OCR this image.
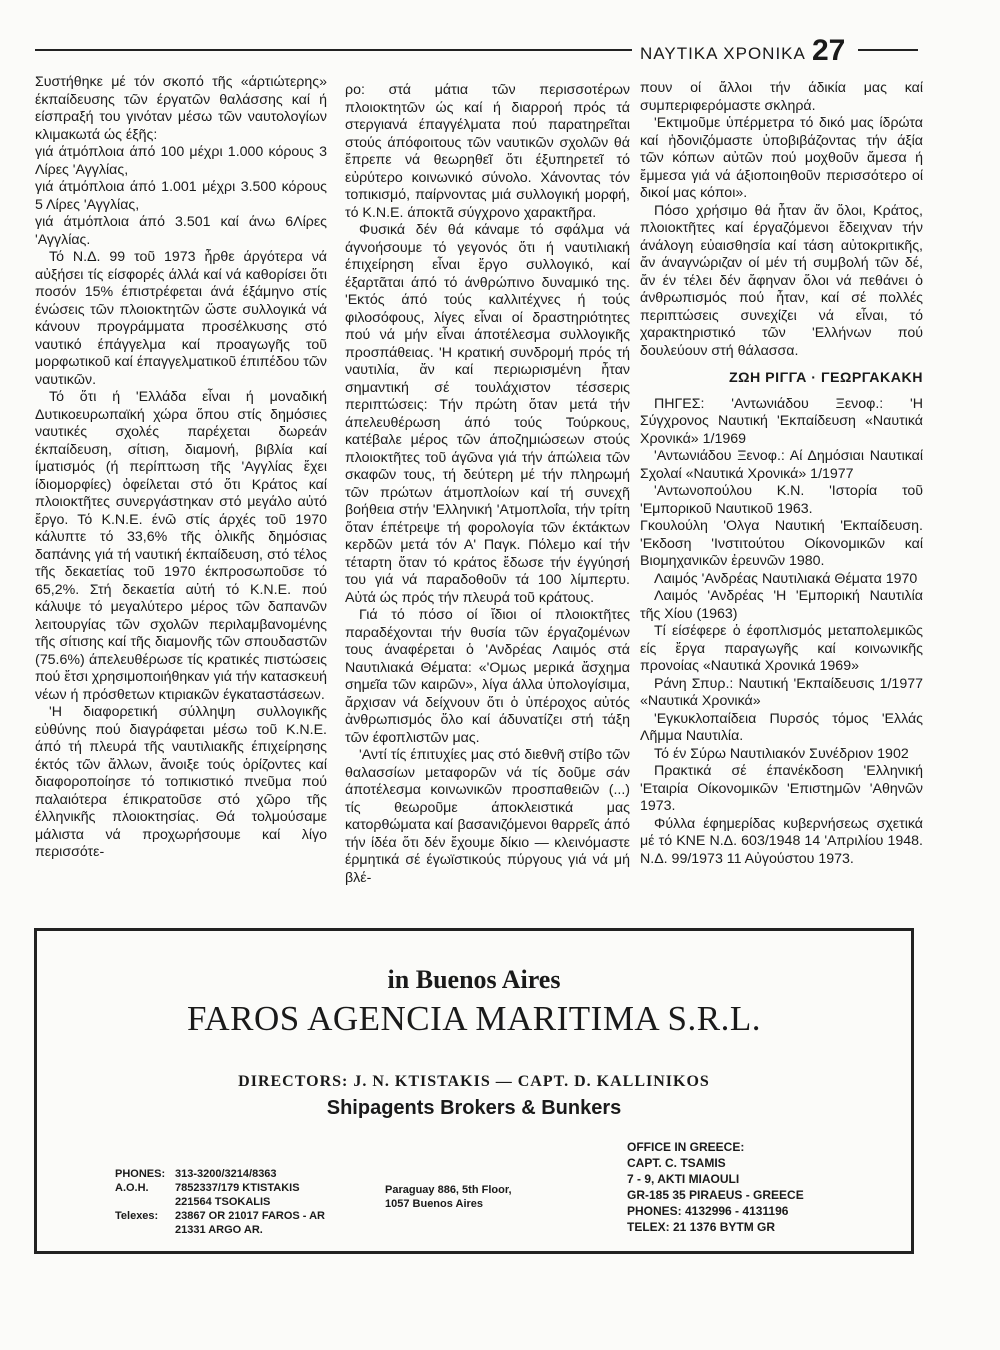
ΝΑΥΤΙΚΑ ΧΡΟΝΙΚΑ 27

Συστήθηκε μέ τόν σκοπό τῆς «άρτιώτερης» έκπαίδευσης τῶν έργατῶν θαλάσσης καί ή είσπραξή του γινόταν μέσω τῶν ναυτολογίων κλιμακωτά ώς έξῆς:

γιά άτμόπλοια άπό 100 μέχρι 1.000 κόρους 3 Λίρες 'Αγγλίας,
γιά άτμόπλοια άπό 1.001 μέχρι 3.500 κόρους 5 Λίρες 'Αγγλίας,
γιά άτμόπλοια άπό 3.501 καί άνω 6Λίρες 'Αγγλίας.

Τό Ν.Δ. 99 τοῦ 1973 ἦρθε άργότερα νά αὐξήσει τίς είσφορές άλλά καί νά καθορίσει ὅτι ποσόν 15% έπιστρέφεται άνά έξάμηνο στίς ένώσεις τῶν πλοιοκτητῶν ὥστε συλλογικά νά κάνουν προγράμματα προσέλκυσης στό ναυτικό έπάγγελμα καί προαγωγῆς τοῦ μορφωτικοῦ καί έπαγγελματικοῦ έπιπέδου τῶν ναυτικῶν.

Τό ὅτι ή 'Ελλάδα εἶναι ή μοναδική Δυτικοευρωπαϊκή χώρα ὅπου στίς δημόσιες ναυτικές σχολές παρέχεται δωρεάν έκπαίδευση, σίτιση, διαμονή, βιβλία καί ίματισμός (ή περίπτωση τῆς 'Αγγλίας ἔχει ίδιομορφίες) ὀφείλεται στό ὅτι Κράτος καί πλοιοκτῆτες συνεργάστηκαν στό μεγάλο αὐτό ἔργο. Τό Κ.Ν.Ε. ένῶ στίς άρχές τοῦ 1970 κάλυπτε τό 33,6% τῆς ὁλικῆς δημόσιας δαπάνης γιά τή ναυτική έκπαίδευση, στό τέλος τῆς δεκαετίας τοῦ 1970 έκπροσωποῦσε τό 65,2%. Στή δεκαετία αὐτή τό Κ.Ν.Ε. πού κάλυψε τό μεγαλύτερο μέρος τῶν δαπανῶν λειτουργίας τῶν σχολῶν περιλαμβανομένης τῆς σίτισης καί τῆς διαμονῆς τῶν σπουδαστῶν (75.6%) άπελευθέρωσε τίς κρατικές πιστώσεις πού ἔτσι χρησιμοποιήθηκαν γιά τήν κατασκευή νέων ή πρόσθετων κτιριακῶν έγκαταστάσεων.

'Η διαφορετική σύλληψη συλλογικῆς εὐθύνης πού διαγράφεται μέσω τοῦ Κ.Ν.Ε. άπό τή πλευρά τῆς ναυτιλιακῆς έπιχείρησης έκτός τῶν ἄλλων, ἄνοιξε τούς ὁρίζοντες καί διαφοροποίησε τό τοπικιστικό πνεῦμα πού παλαιότερα έπικρατοῦσε στό χῶρο τῆς έλληνικῆς πλοιοκτησίας. Θά τολμούσαμε μάλιστα νά προχωρήσουμε καί λίγο περισσότε-

ρο: στά μάτια τῶν περισσοτέρων πλοιοκτητῶν ώς καί ή διαρροή πρός τά στεργιανά έπαγγέλματα πού παρατηρεῖται στούς άπόφοιτους τῶν ναυτικῶν σχολῶν θά ἔπρεπε νά θεωρηθεῖ ὅτι έξυπηρετεῖ τό εὐρύτερο κοινωνικό σύνολο. Χάνοντας τόν τοπικισμό, παίρνοντας μιά συλλογική μορφή, τό Κ.Ν.Ε. άποκτᾶ σύγχρονο χαρακτῆρα.

Φυσικά δέν θά κάναμε τό σφάλμα νά άγνοήσουμε τό γεγονός ὅτι ή ναυτιλιακή έπιχείρηση εἶναι ἔργο συλλογικό, καί έξαρτᾶται άπό τό άνθρώπινο δυναμικό της. 'Εκτός άπό τούς καλλιτέχνες ή τούς φιλοσόφους, λίγες εἶναι οί δραστηριότητες πού νά μήν εἶναι άποτέλεσμα συλλογικῆς προσπάθειας. 'Η κρατική συνδρομή πρός τή ναυτιλία, ἄν καί περιωρισμένη ἦταν σημαντική σέ τουλάχιστον τέσσερις περιπτώσεις: Τήν πρώτη ὅταν μετά τήν άπελευθέρωση άπό τούς Τούρκους, κατέβαλε μέρος τῶν άποζημιώσεων στούς πλοιοκτῆτες τοῦ άγῶνα γιά τήν άπώλεια τῶν σκαφῶν τους, τή δεύτερη μέ τήν πληρωμή τῶν πρώτων άτμοπλοίων καί τή συνεχῆ βοήθεια στήν 'Ελληνική 'Ατμοπλοΐα, τήν τρίτη ὅταν έπέτρεψε τή φορολογία τῶν έκτάκτων κερδῶν μετά τόν Α' Παγκ. Πόλεμο καί τήν τέταρτη ὅταν τό κράτος ἔδωσε τήν έγγύησή του γιά νά παραδοθοῦν τά 100 λίμπερτυ. Αὐτά ώς πρός τήν πλευρά τοῦ κράτους.

Γιά τό πόσο οί ἴδιοι οί πλοιοκτῆτες παραδέχονται τήν θυσία τῶν έργαζομένων τους άναφέρεται ὁ 'Ανδρέας Λαιμός στά Ναυτιλιακά Θέματα: «'Ομως μερικά ἄσχημα σημεῖα τῶν καιρῶν», λίγα άλλα ὑπολογίσιμα, ἄρχισαν νά δείχνουν ὅτι ὁ ὑπέροχος αὐτός ἀνθρωπισμός ὅλο καί άδυνατίζει στή τάξη τῶν έφοπλιστῶν μας.

'Αντί τίς έπιτυχίες μας στό διεθνῆ στίβο τῶν θαλασσίων μεταφορῶν νά τίς δοῦμε σάν άποτέλεσμα κοινωνικῶν προσπαθειῶν (...) τίς θεωροῦμε άποκλειστικά μας κατορθώματα καί βασανιζόμενοι θαρρεῖς άπό τήν ίδέα ὅτι δέν ἔχουμε δίκιο — κλεινόμαστε έρμητικά σέ έγωϊστικούς πύργους γιά νά μή βλέ-

πουν οί ἄλλοι τήν άδικία μας καί συμπεριφερόμαστε σκληρά.

'Εκτιμοῦμε ὑπέρμετρα τό δικό μας ίδρώτα καί ἡδονιζόμαστε ὑποβιβάζοντας τήν άξία τῶν κόπων αὐτῶν πού μοχθοῦν ἄμεσα ή ἔμμεσα γιά νά άξιοποιηθοῦν περισσότερο οί δικοί μας κόποι».

Πόσο χρήσιμο θά ἦταν ἄν ὅλοι, Κράτος, πλοιοκτῆτες καί έργαζόμενοι ἔδειχναν τήν άνάλογη εὐαισθησία καί τάση αὐτοκριτικῆς, ἄν άναγνώριζαν οί μέν τή συμβολή τῶν δέ, ἄν έν τέλει δέν ἄφηναν ὅλοι νά πεθάνει ὁ άνθρωπισμός πού ἦταν, καί σέ πολλές περιπτώσεις συνεχίζει νά εἶναι, τό χαρακτηριστικό τῶν 'Ελλήνων πού δουλεύουν στή θάλασσα.

ΖΩΗ ΡΙΓΓΑ · ΓΕΩΡΓΑΚΑΚΗ

ΠΗΓΕΣ: 'Αντωνιάδου Ξενοφ.: 'Η Σύγχρονος Ναυτική 'Εκπαίδευση «Ναυτικά Χρονικά» 1/1969

'Αντωνιάδου Ξενοφ.: Αί Δημόσιαι Ναυτικαί Σχολαί «Ναυτικά Χρονικά» 1/1977

'Αντωνοπούλου Κ.Ν. 'Ιστορία τοῦ 'Εμπορικοῦ Ναυτικοῦ 1963.

Γκουλούλη 'Ολγα Ναυτική 'Εκπαίδευση. 'Εκδοση 'Ινστιτούτου Οίκονομικῶν καί Βιομηχανικῶν ἐρευνῶν 1980.

Λαιμός 'Ανδρέας Ναυτιλιακά Θέματα 1970

Λαιμός 'Ανδρέας 'Η 'Εμπορική Ναυτιλία τῆς Χίου (1963)

Τί είσέφερε ὁ έφοπλισμός μεταπολεμικῶς είς ἔργα παραγωγῆς καί κοινωνικῆς προνοίας «Ναυτικά Χρονικά 1969»

Ράνη Σπυρ.: Ναυτική 'Εκπαίδευσις 1/1977 «Ναυτικά Χρονικά»

'Εγκυκλοπαίδεια Πυρσός τόμος 'Ελλάς Λῆμμα Ναυτιλία.

Τό έν Σύρω Ναυτιλιακόν Συνέδριον 1902

Πρακτικά σέ έπανέκδοση 'Ελληνική 'Εταιρία Οίκονομικῶν 'Επιστημῶν 'Αθηνῶν 1973.

Φύλλα έφημερίδας κυβερνήσεως σχετικά μέ τό ΚΝΕ Ν.Δ. 603/1948 14 'Απριλίου 1948. Ν.Δ. 99/1973 11 Αὐγούστου 1973.

in Buenos Aires
FAROS AGENCIA MARITIMA S.R.L.
DIRECTORS: J. N. KTISTAKIS — CAPT. D. KALLINIKOS
Shipagents Brokers & Bunkers
PHONES: 313-3200/3214/8363
A.O.H. 7852337/179 KTISTAKIS
221564 TSOKALIS
Telexes: 23867 OR 21017 FAROS - AR
21331 ARGO AR.
Paraguay 886, 5th Floor,
1057 Buenos Aires
OFFICE IN GREECE:
CAPT. C. TSAMIS
7 - 9, AKTI MIAOULI
GR-185 35 PIRAEUS - GREECE
PHONES: 4132996 - 4131196
TELEX: 21 1376 BYTM GR
